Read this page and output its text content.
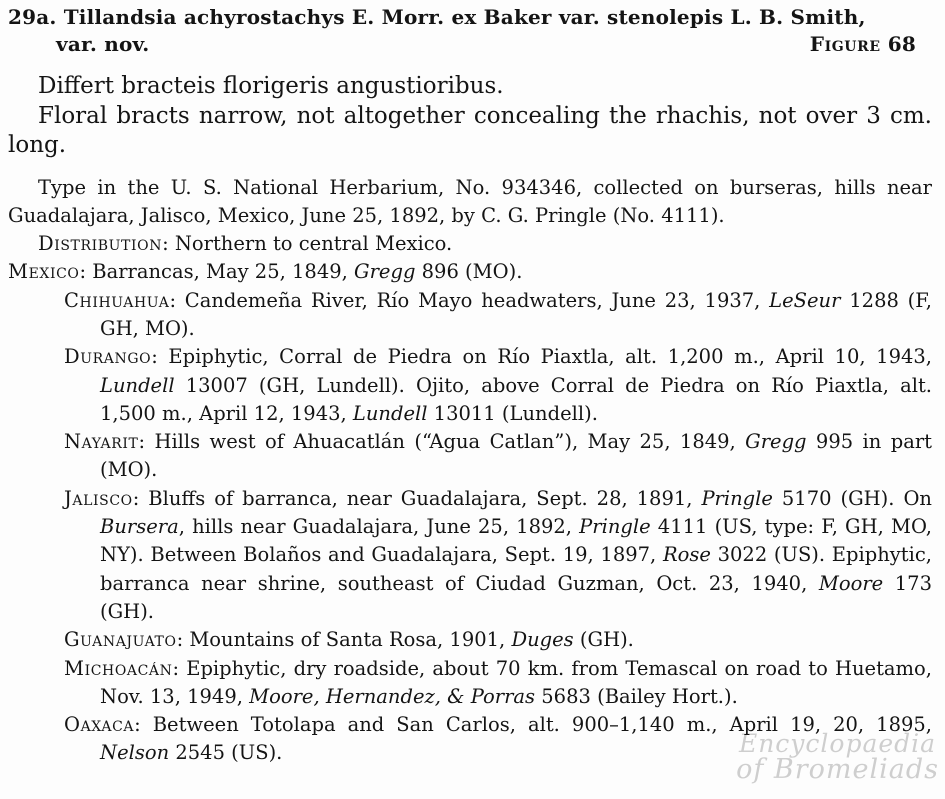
Encyclopaedia
of Bromeliads
29a. Tillandsia achyrostachys E. Morr. ex Baker var. stenolepis L. B. Smith,
var. nov.	Figure 68

Differt bracteis florigeris angustioribus.

Floral bracts narrow, not altogether concealing the rhachis, not over 3 cm. long.

Type in the U. S. National Herbarium, No. 934346, collected on burseras, hills near Guadalajara, Jalisco, Mexico, June 25, 1892, by C. G. Pringle (No. 4111).

Distribution: Northern to central Mexico.

Mexico: Barrancas, May 25, 1849, Gregg 896 (MO).

Chihuahua: Candemeña River, Río Mayo headwaters, June 23, 1937, LeSeur 1288 (F, GH, MO).

Durango: Epiphytic, Corral de Piedra on Río Piaxtla, alt. 1,200 m., April 10, 1943, Lundell 13007 (GH, Lundell). Ojito, above Corral de Piedra on Río Piaxtla, alt. 1,500 m., April 12, 1943, Lundell 13011 (Lundell).

Nayarit: Hills west of Ahuacatlán (“Agua Catlan”), May 25, 1849, Gregg 995 in part (MO).

Jalisco: Bluffs of barranca, near Guadalajara, Sept. 28, 1891, Pringle 5170 (GH). On Bursera, hills near Guadalajara, June 25, 1892, Pringle 4111 (US, type: F, GH, MO, NY). Between Bolaños and Guadalajara, Sept. 19, 1897, Rose 3022 (US). Epiphytic, barranca near shrine, southeast of Ciudad Guzman, Oct. 23, 1940, Moore 173 (GH).

Guanajuato: Mountains of Santa Rosa, 1901, Duges (GH).

Michoacán: Epiphytic, dry roadside, about 70 km. from Temascal on road to Huetamo, Nov. 13, 1949, Moore, Hernandez, & Porras 5683 (Bailey Hort.).

Oaxaca: Between Totolapa and San Carlos, alt. 900–1,140 m., April 19, 20, 1895, Nelson 2545 (US).
